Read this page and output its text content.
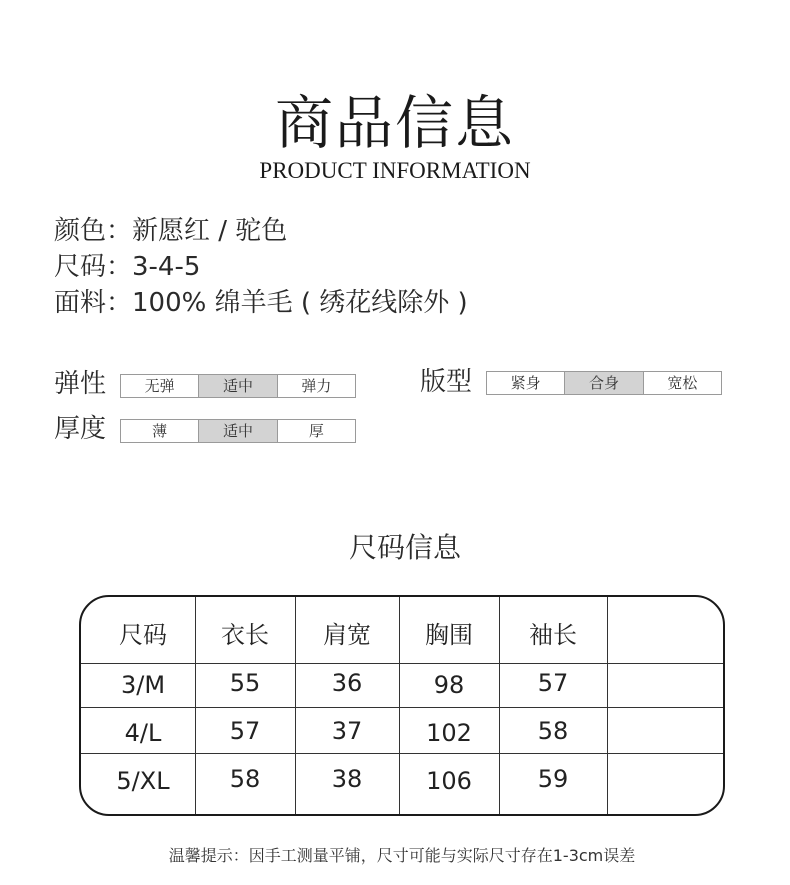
商品信息
PRODUCT INFORMATION
颜色：新愿红 / 驼色
尺码：3-4-5
面料：100% 绵羊毛 ( 绣花线除外 )
弹性	无弹	适中	弹力	版型	紧身	合身	宽松
厚度	薄	适中	厚
尺码信息
尺码	衣长	肩宽	胸围	袖长
3/M	55	36	98	57
4/L	57	37	102	58
5/XL	58	38	106	59
温馨提示：因手工测量平铺，尺寸可能与实际尺寸存在1-3cm误差
